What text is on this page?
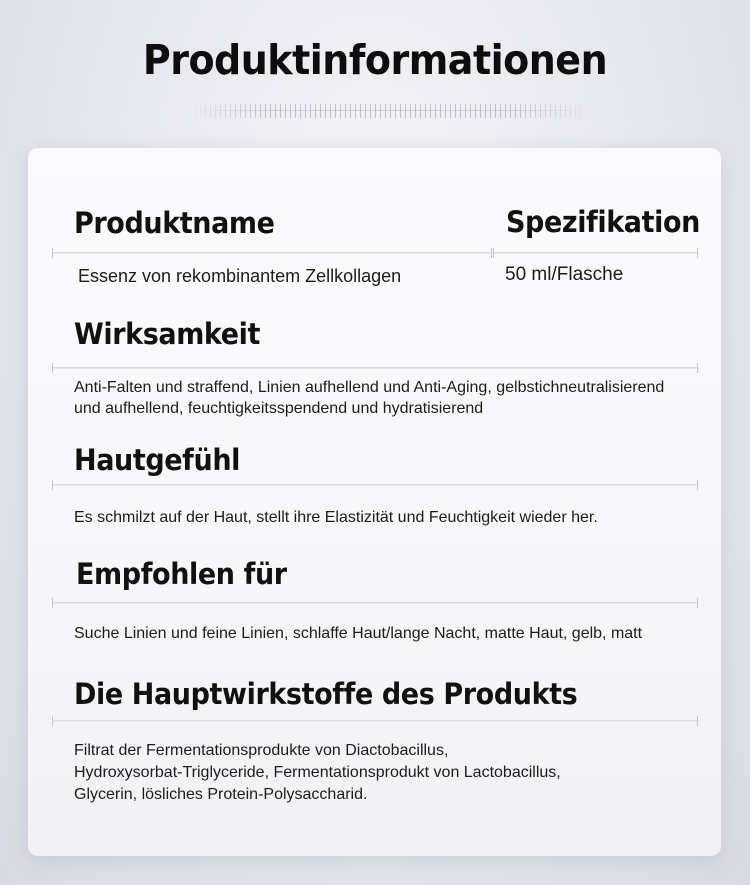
Produktinformationen
Produktname	Spezifikation
Essenz von rekombinantem Zellkollagen	50 ml/Flasche
Wirksamkeit
Anti-Falten und straffend, Linien aufhellend und Anti-Aging, gelbstichneutralisierend
und aufhellend, feuchtigkeitsspendend und hydratisierend
Hautgefühl
Es schmilzt auf der Haut, stellt ihre Elastizität und Feuchtigkeit wieder her.
Empfohlen für
Suche Linien und feine Linien, schlaffe Haut/lange Nacht, matte Haut, gelb, matt
Die Hauptwirkstoffe des Produkts
Filtrat der Fermentationsprodukte von Diactobacillus,
Hydroxysorbat-Triglyceride, Fermentationsprodukt von Lactobacillus,
Glycerin, lösliches Protein-Polysaccharid.
